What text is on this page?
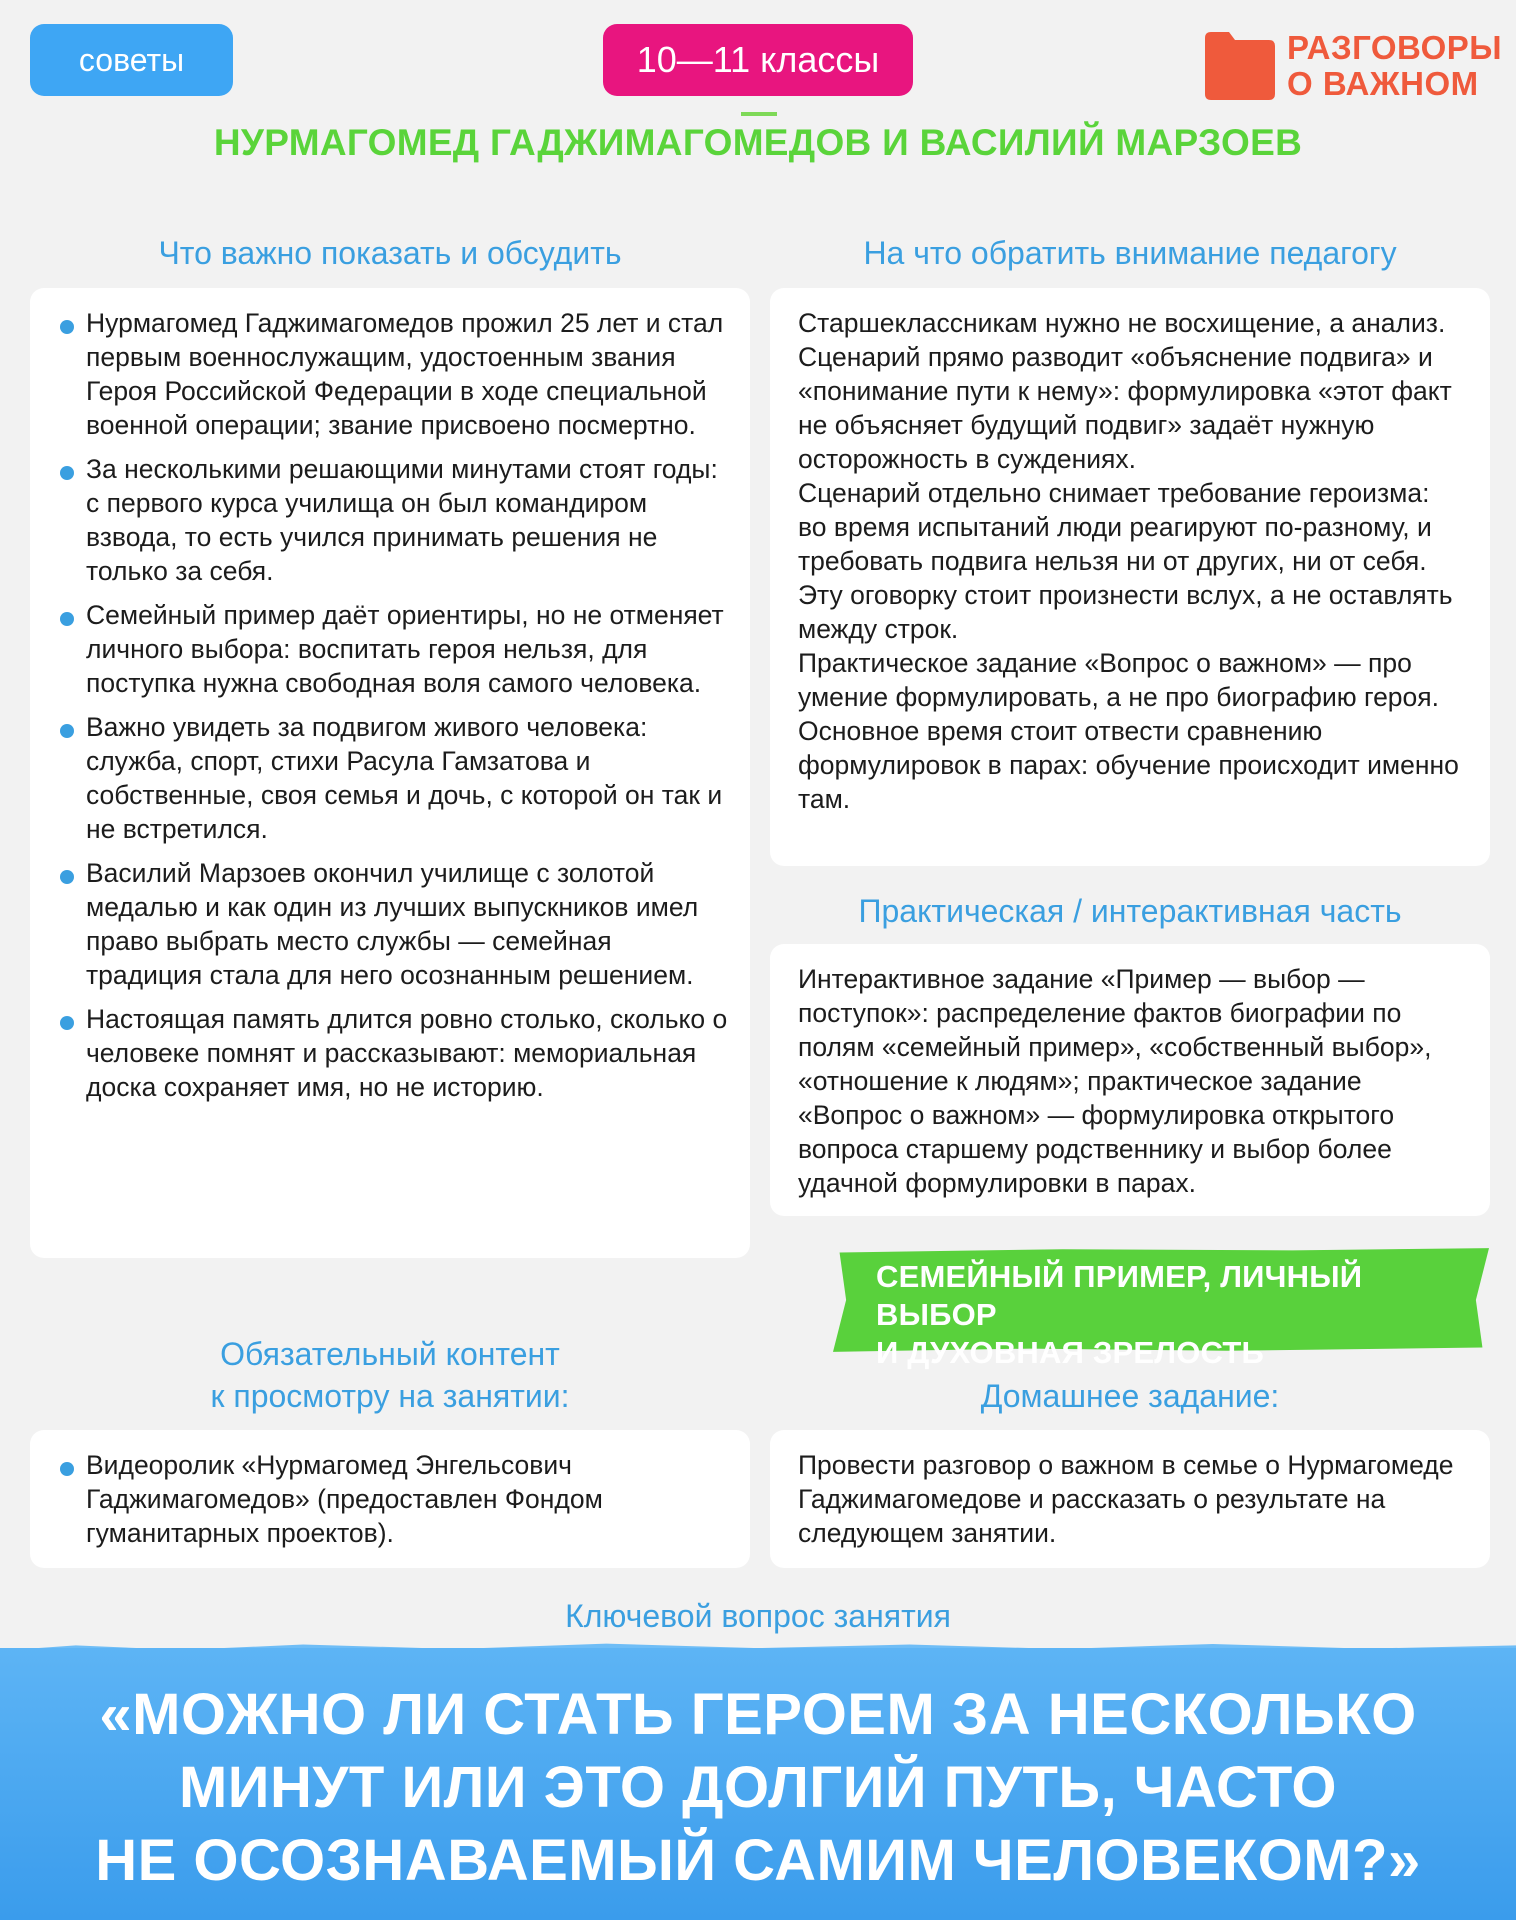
советы	10—11 классы	РАЗГОВОРЫ
О ВАЖНОМ
НУРМАГОМЕД ГАДЖИМАГОМЕДОВ И ВАСИЛИЙ МАРЗОЕВ
Что важно показать и обсудить
Нурмагомед Гаджимагомедов прожил 25 лет и стал первым военнослужащим, удостоенным звания Героя Российской Федерации в ходе специальной военной операции; звание присвоено посмертно.
За несколькими решающими минутами стоят годы: с первого курса училища он был командиром взвода, то есть учился принимать решения не только за себя.
Семейный пример даёт ориентиры, но не отменяет личного выбора: воспитать героя нельзя, для поступка нужна свободная воля самого человека.
Важно увидеть за подвигом живого человека: служба, спорт, стихи Расула Гамзатова и собственные, своя семья и дочь, с которой он так и не встретился.
Василий Марзоев окончил училище с золотой медалью и как один из лучших выпускников имел право выбрать место службы — семейная традиция стала для него осознанным решением.
Настоящая память длится ровно столько, сколько о человеке помнят и рассказывают: мемориальная доска сохраняет имя, но не историю.
На что обратить внимание педагогу
Старшеклассникам нужно не восхищение, а анализ. Сценарий прямо разводит «объяснение подвига» и «понимание пути к нему»: формулировка «этот факт не объясняет будущий подвиг» задаёт нужную осторожность в суждениях.
Сценарий отдельно снимает требование героизма: во время испытаний люди реагируют по-разному, и требовать подвига нельзя ни от других, ни от себя. Эту оговорку стоит произнести вслух, а не оставлять между строк.
Практическое задание «Вопрос о важном» — про умение формулировать, а не про биографию героя. Основное время стоит отвести сравнению формулировок в парах: обучение происходит именно там.
Практическая / интерактивная часть
Интерактивное задание «Пример — выбор — поступок»: распределение фактов биографии по полям «семейный пример», «собственный выбор», «отношение к людям»; практическое задание «Вопрос о важном» — формулировка открытого вопроса старшему родственнику и выбор более удачной формулировки в парах.
СЕМЕЙНЫЙ ПРИМЕР, ЛИЧНЫЙ ВЫБОР
И ДУХОВНАЯ ЗРЕЛОСТЬ
Обязательный контент
к просмотру на занятии:
Видеоролик «Нурмагомед Энгельсович Гаджимагомедов» (предоставлен Фондом гуманитарных проектов).
Домашнее задание:
Провести разговор о важном в семье о Нурмагомеде Гаджимагомедове и рассказать о результате на следующем занятии.
Ключевой вопрос занятия
«МОЖНО ЛИ СТАТЬ ГЕРОЕМ ЗА НЕСКОЛЬКО
МИНУТ ИЛИ ЭТО ДОЛГИЙ ПУТЬ, ЧАСТО
НЕ ОСОЗНАВАЕМЫЙ САМИМ ЧЕЛОВЕКОМ?»
